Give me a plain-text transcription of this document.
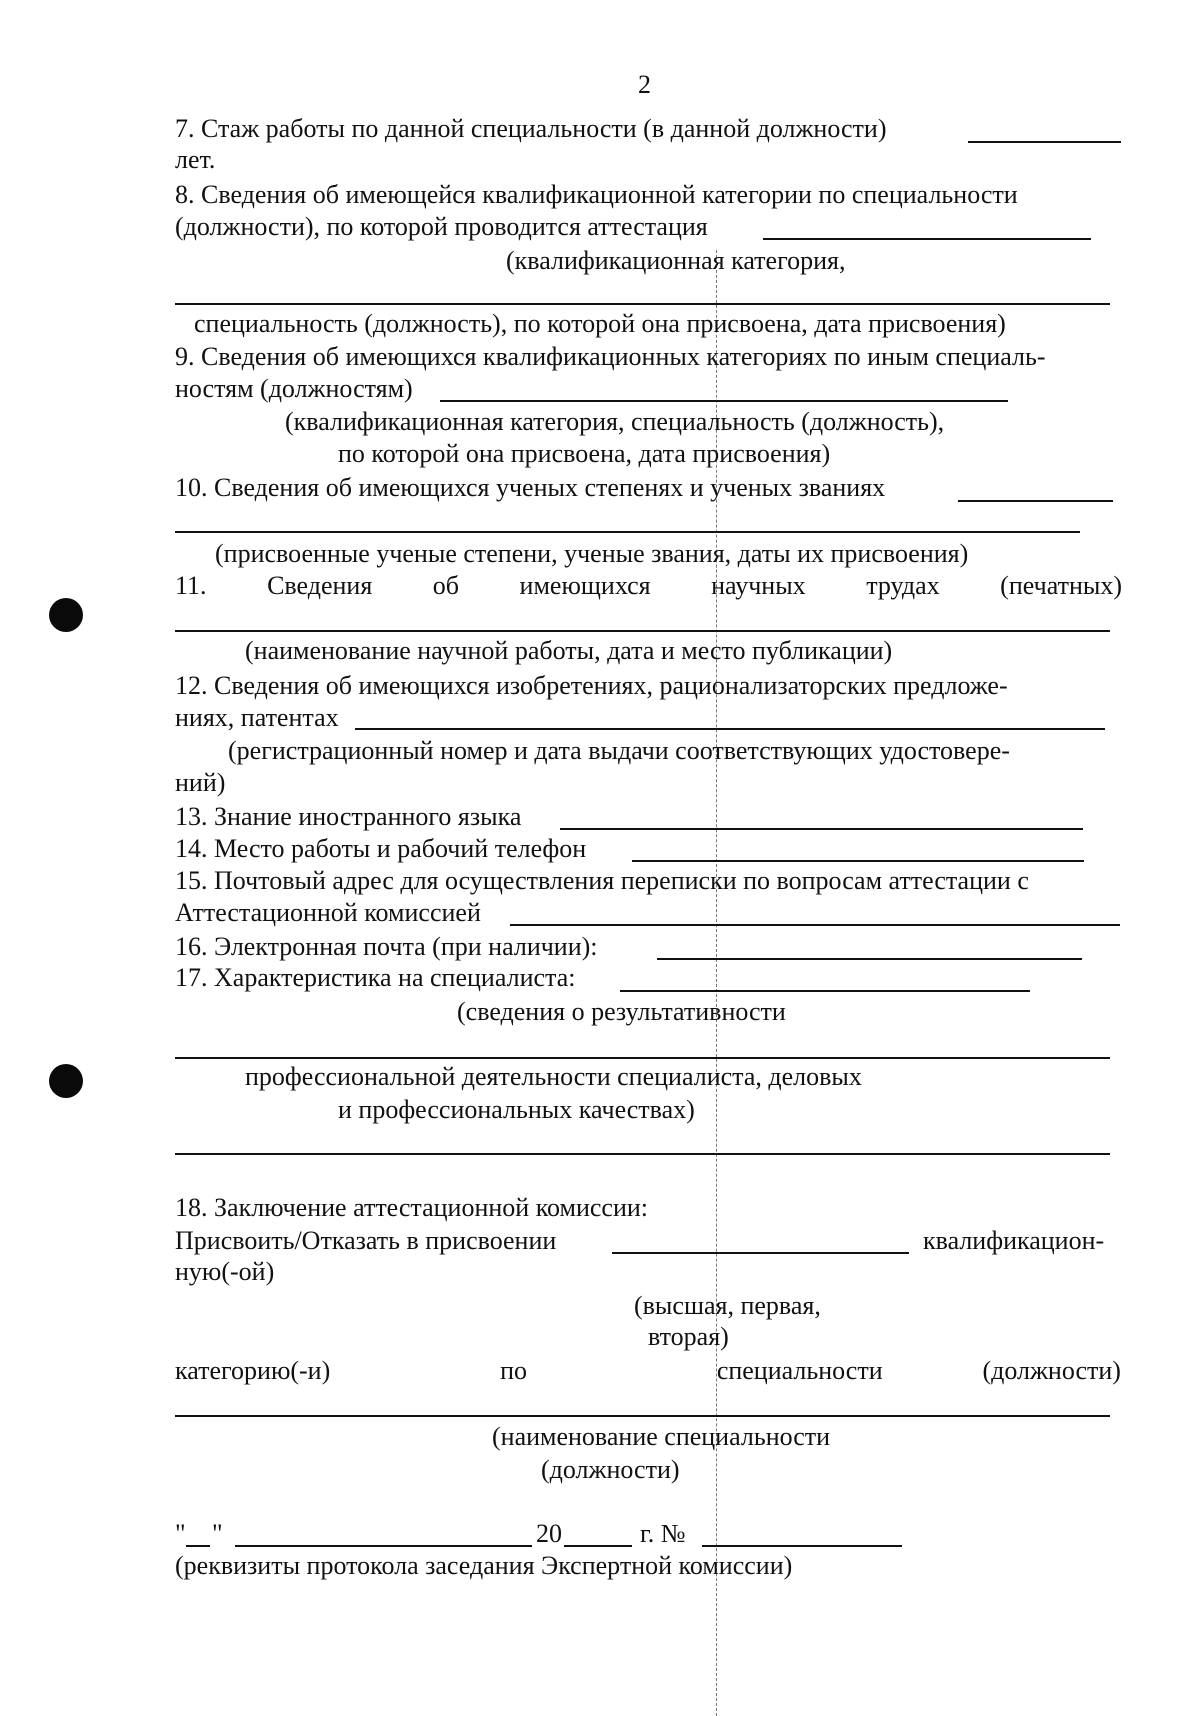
2
7. Стаж работы по данной специальности (в данной должности)
лет.
8. Сведения об имеющейся квалификационной категории по специальности
(должности), по которой проводится аттестация
(квалификационная категория,
специальность (должность), по которой она присвоена, дата присвоения)
9. Сведения об имеющихся квалификационных категориях по иным специаль-
ностям (должностям)
(квалификационная категория, специальность (должность),
по которой она присвоена, дата присвоения)
10. Сведения об имеющихся ученых степенях и ученых званиях
(присвоенные ученые степени, ученые звания, даты их присвоения)
11. Сведения об имеющихся научных трудах (печатных)
(наименование научной работы, дата и место публикации)
12. Сведения об имеющихся изобретениях, рационализаторских предложе-
ниях, патентах
(регистрационный номер и дата выдачи соответствующих удостовере-
ний)
13. Знание иностранного языка
14. Место работы и рабочий телефон
15. Почтовый адрес для осуществления переписки по вопросам аттестации с
Аттестационной комиссией
16. Электронная почта (при наличии):
17. Характеристика на специалиста:
(сведения о результативности
профессиональной деятельности специалиста, деловых
и профессиональных качествах)
18. Заключение аттестационной комиссии:
Присвоить/Отказать в присвоении	квалификацион-
ную(-ой)
(высшая, первая,
вторая)
категорию(-и)	по	специальности	(должности)
(наименование специальности
(должности)
" "	20	г. №
(реквизиты протокола заседания Экспертной комиссии)
